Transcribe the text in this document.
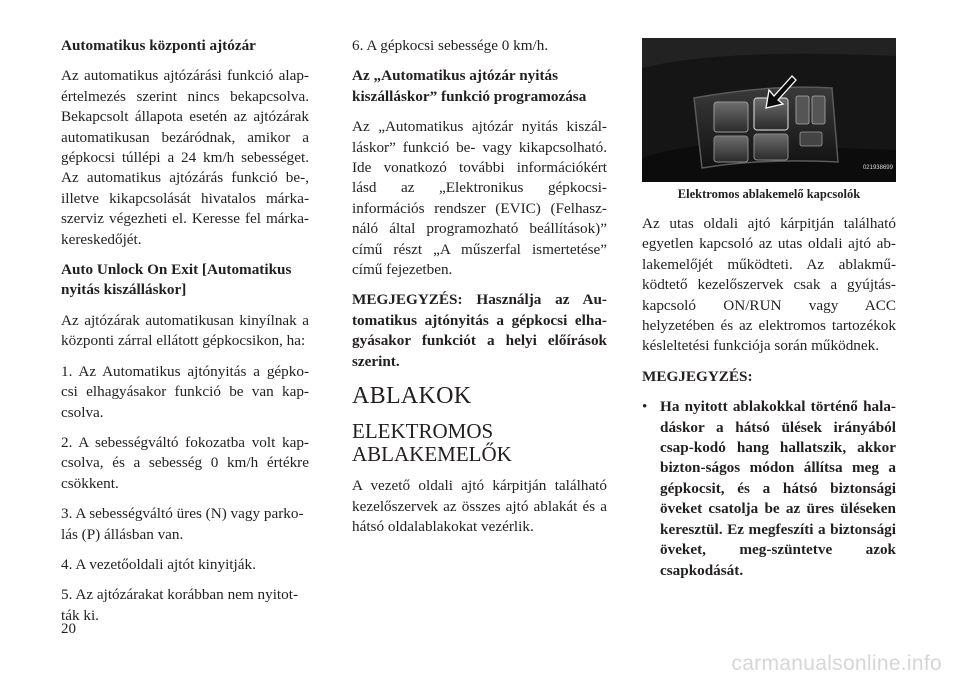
Automatikus központi ajtózár

Az automatikus ajtózárási funkció alap-értelmezés szerint nincs bekapcsolva. Bekapcsolt állapota esetén az ajtózárak automatikusan bezáródnak, amikor a gépkocsi túllépi a 24 km/h sebességet. Az automatikus ajtózárás funkció be-, illetve kikapcsolását hivatalos márka-szerviz végezheti el. Keresse fel márka-kereskedőjét.

Auto Unlock On Exit [Automatikus nyitás kiszálláskor]

Az ajtózárak automatikusan kinyílnak a központi zárral ellátott gépkocsikon, ha:

1. Az Automatikus ajtónyitás a gépko-csi elhagyásakor funkció be van kap-csolva.

2. A sebességváltó fokozatba volt kap-csolva, és a sebesség 0 km/h értékre csökkent.

3. A sebességváltó üres (N) vagy parko-lás (P) állásban van.

4. A vezetőoldali ajtót kinyitják.

5. Az ajtózárakat korábban nem nyitot-ták ki.

6. A gépkocsi sebessége 0 km/h.

Az „Automatikus ajtózár nyitás kiszálláskor” funkció programozása

Az „Automatikus ajtózár nyitás kiszál-láskor” funkció be- vagy kikapcsolható. Ide vonatkozó további információkért lásd az „Elektronikus gépkocsi-információs rendszer (EVIC) (Felhasz-náló által programozható beállítások)” című részt „A műszerfal ismertetése” című fejezetben.

MEGJEGYZÉS: Használja az Au-tomatikus ajtónyitás a gépkocsi elha-gyásakor funkciót a helyi előírások szerint.

ABLAKOK
ELEKTROMOS ABLAKEMELŐK

A vezető oldali ajtó kárpitján található kezelőszervek az összes ajtó ablakát és a hátsó oldalablakokat vezérlik.

021938699
Elektromos ablakemelő kapcsolók

Az utas oldali ajtó kárpitján található egyetlen kapcsoló az utas oldali ajtó ab-lakemelőjét működteti. Az ablakmű-ködtető kezelőszervek csak a gyújtás-kapcsoló ON/RUN vagy ACC helyzetében és az elektromos tartozékok késleltetési funkciója során működnek.

MEGJEGYZÉS:

• Ha nyitott ablakokkal történő hala-dáskor a hátsó ülések irányából csap-kodó hang hallatszik, akkor bizton-ságos módon állítsa meg a gépkocsit, és a hátsó biztonsági öveket csatolja be az üres üléseken keresztül. Ez megfeszíti a biztonsági öveket, meg-szüntetve azok csapkodását.
20
carmanualsonline.info
